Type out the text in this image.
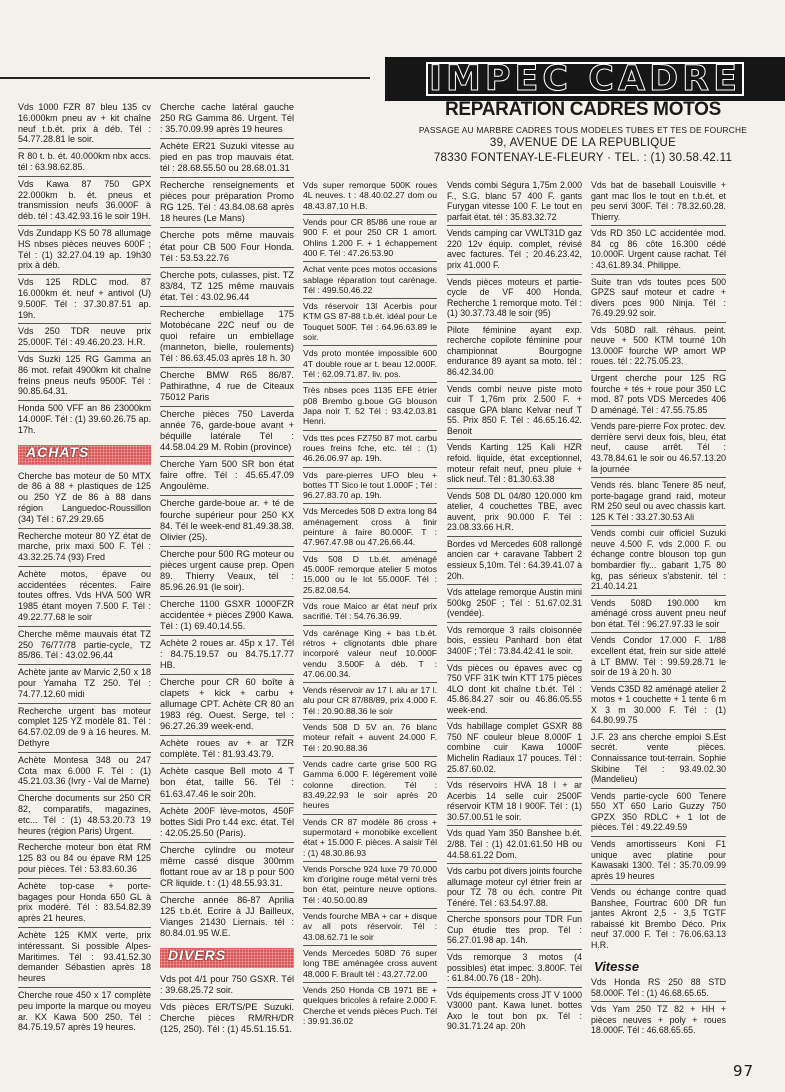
IMPEC CADRE
REPARATION CADRES MOTOS
PASSAGE AU MARBRE CADRES TOUS MODELES TUBES ET TES DE FOURCHE
39, AVENUE DE LA REPUBLIQUE
78330 FONTENAY-LE-FLEURY · TEL. : (1) 30.58.42.11
Vds 1000 FZR 87 bleu 135 cv 16.000km pneu av + kit chaîne neuf t.b.ét. prix à déb. Tél : 54.77.28.81 le soir.
R 80 t. b. ét. 40.000km nbx accs. tél : 63.98.62.85.
Vds Kawa 87 750 GPX 22.000km b. ét. pneus et transmission neufs 36.000F à déb. tél : 43.42.93.16 le soir 19H.
Vds Zundapp KS 50 78 allumage HS nbses pièces neuves 600F ; Tél : (1) 32.27.04.19 ap. 19h30 prix à déb.
Vds 125 RDLC mod. 87 16.000km ét. neuf + antivol (U) 9.500F. Tél : 37.30.87.51 ap. 19h.
Vds 250 TDR neuve prix 25.000F. Tél : 49.46.20.23. H.R.
Vds Suzki 125 RG Gamma an 86 mot. refait 4900km kit chaîne freins pneus neufs 9500F. Tél : 90.85.64.31.
Honda 500 VFF an 86 23000km 14.000F. Tél : (1) 39.60.26.75 ap. 17h.
ACHATS
Cherche bas moteur de 50 MTX de 86 à 88 + plastiques de 125 ou 250 YZ de 86 à 88 dans région Languedoc-Roussillon (34) Tél : 67.29.29.65
Recherche moteur 80 YZ état de marche, prix maxi 500 F. Tél : 43.32.25.74 (93) Fred
Achète motos, épave ou accidentées récentes. Faire toutes offres. Vds HVA 500 WR 1985 étant moyen 7.500 F. Tél : 49.22.77.68 le soir
Cherche même mauvais état TZ 250 76/77/78 partie-cycle, TZ 85/86. Tél : 43.02.96.44
Achète jante av Marvic 2,50 x 18 pour Yamaha TZ 250. Tél : 74.77.12.60 midi
Recherche urgent bas moteur complet 125 YZ modèle 81. Tél : 64.57.02.09 de 9 à 16 heures. M. Dethyre
Achète Montesa 348 ou 247 Cota max 6.000 F. Tél : (1) 45.21.03.36 (Ivry - Val de Marne)
Cherche documents sur 250 CR 82, comparatifs, magazines, etc... Tél : (1) 48.53.20.73 19 heures (région Paris) Urgent.
Recherche moteur bon état RM 125 83 ou 84 ou épave RM 125 pour pièces. Tél : 53.83.60.36
Achète top-case + porte-bagages pour Honda 650 GL à prix modéré. Tél : 83.54.82.39 après 21 heures.
Achète 125 KMX verte, prix intéressant. Si possible Alpes-Maritimes. Tél : 93.41.52.30 demander Sébastien après 18 heures
Cherche roue 450 x 17 complète peu importe la marque ou moyeu ar. KX Kawa 500 250. Tél : 84.75.19.57 après 19 heures.
Cherche cache latéral gauche 250 RG Gamma 86. Urgent. Tél : 35.70.09.99 après 19 heures
Achète ER21 Suzuki vitesse au pied en pas trop mauvais état. tél : 28.68.55.50 ou 28.68.01.31
Recherche renseignements et pièces pour préparation Promo RG 125. Tél : 43.84.08.68 après 18 heures (Le Mans)
Cherche pots même mauvais état pour CB 500 Four Honda. Tél : 53.53.22.76
Cherche pots, culasses, pist. TZ 83/84, TZ 125 même mauvais état. Tél : 43.02.96.44
Recherche embiellage 175 Motobécane 22C neuf ou de quoi refaire un embiellage (manneton, bielle, roulements) Tél : 86.63.45.03 après 18 h. 30
Cherche BMW R65 86/87. Pathirathne, 4 rue de Citeaux 75012 Paris
Cherche pièces 750 Laverda année 76, garde-boue avant + béquille latérale Tél : 44.58.04.29 M. Robin (province)
Cherche Yam 500 SR bon état faire offre. Tél : 45.65.47.09 Angoulème.
Cherche garde-boue ar. + té de fourche supérieur pour 250 KX 84. Tél le week-end 81.49.38.38. Olivier (25).
Cherche pour 500 RG moteur ou pièces urgent cause prep. Open 89. Thierry Veaux, tél : 85.96.26.91 (le soir).
Cherche 1100 GSXR 1000FZR accidentée + pièces Z900 Kawa. Tél : (1) 69.40.14.55.
Achète 2 roues ar. 45p x 17. Tél : 84.75.19.57 ou 84.75.17.77 HB.
Cherche pour CR 60 boîte à clapets + kick + carbu + allumage CPT. Achète CR 80 an 1983 rég. Ouest. Serge, tel : 96.27.26.39 week-end.
Achète roues av + ar TZR complète. Tél : 81.93.43.79.
Achète casque Bell moto 4 T bon état, taille 56. Tél : 61.63.47.46 le soir 20h.
Achète 200F lève-motos, 450F bottes Sidi Pro t.44 exc. état. Tél : 42.05.25.50 (Paris).
Cherche cylindre ou moteur même cassé disque 300mm flottant roue av ar 18 p pour 500 CR liquide. t : (1) 48.55.93.31.
Cherche année 86-87 Aprilia 125 t.b.ét. Ecrire à JJ Bailleux, Vianges 21430 Liernais. tél : 80.84.01.95 W.E.
DIVERS
Vds pot 4/1 pour 750 GSXR. Tél : 39.68.25.72 soir.
Vds pièces ER/TS/PE Suzuki. Cherche pièces RM/RH/DR (125, 250). Tél : (1) 45.51.15.51.
Vds super remorque 500K roues 4L neuves. t : 48.40.02.27 dom ou 48.43.87.10 H.B.
Vends pour CR 85/86 une roue ar 900 F. et pour 250 CR 1 amort. Ohlins 1.200 F. + 1 échappement 400 F. Tél : 47.26.53.90
Achat vente pces motos occasions sablage réparation tout carénage. Tél : 499.50.46.22
Vds réservoir 13l Acerbis pour KTM GS 87-88 t.b.ét. idéal pour Le Touquet 500F. Tél : 64.96.63.89 le soir.
Vds proto montée impossible 600 4T double roue ar t. beau 12.000F. Tél : 62.09.71.87. liv. pos.
Très nbses pces 1135 EFE étrier p08 Brembo g.boue GG blouson Japa noir T. 52 Tél : 93.42.03.81 Henri.
Vds ttes pces FZ750 87 mot. carbu roues freins fche, etc. tél : (1) 46.26.06.97 ap. 19h.
Vds pare-pierres UFO bleu + bottes TT Sico le tout 1.000F ; Tél : 96.27.83.70 ap. 19h.
Vds Mercedes 508 D extra long 84 aménagement cross à finir peinture à faire 80.000F. T : 47.967.47.98 ou 47.26.66.44.
Vds 508 D t.b.ét. aménagé 45.000F remorque atelier 5 motos 15.000 ou le lot 55.000F. Tél : 25.82.08.54.
Vds roue Maico ar état neuf prix sacrifié. Tél : 54.76.36.99.
Vds carénage King + bas t.b.ét. rétros + clignotants dble phare incorporé valeur neuf 10.000F vendu 3.500F à déb. T : 47.06.00.34.
Vends réservoir av 17 l. alu ar 17 l. alu pour CR 87/88/89, prix 4.000 F. Tél : 20.90.88.36 le soir
Vends 508 D 5V an. 76 blanc moteur refait + auvent 24.000 F. Tél : 20.90.88.36
Vends cadre carte grise 500 RG Gamma 6.000 F. légèrement voilé colonne direction. Tél : 83.49.22.93 le soir après 20 heures
Vends CR 87 modèle 86 cross + supermotard + monobike excellent état + 15.000 F. pièces. A saisir Tél : (1) 48.30.86.93
Vends Porsche 924 luxe 79 70.000 km d'origine rouge métal verni très bon état, peinture neuve options. Tél : 40.50.00.89
Vends fourche MBA + car + disque av all pots réservoir. Tél : 43.08.62.71 le soir
Vends Mercedes 508D 76 super long TBE aménagée cross auvent 48.000 F. Brault tél : 43.27.72.00
Vends 250 Honda CB 1971 BE + quelques bricoles à refaire 2.000 F. Cherche et vends pièces Puch. Tél : 39.91.36.02
Vends combi Ségura 1,75m 2.000 F., S.G. blanc 57 400 F. gants Furygan vitesse 100 F. Le tout en parfait état. tél : 35.83.32.72
Vends camping car VWLT31D gaz 220 12v équip. complet, révisé avec factures. Tél ; 20.46.23.42, prix 41.000 F.
Vends pièces moteurs et partie-cycle de VF 400 Honda. Recherche 1 remorque moto. Tél : (1) 30.37.73.48 le soir (95)
Pilote féminine ayant exp. recherche copilote féminine pour championnat Bourgogne endurance 89 ayant sa moto. tél : 86.42.34.00
Vends combi neuve piste moto cuir T 1,76m prix 2.500 F. + casque GPA blanc Kelvar neuf T 55. Prix 850 F. Tél : 46.65.16.42. Benoit
Vends Karting 125 Kali HZR refoid. liquide, état exceptionnel, moteur refait neuf, pneu pluie + slick neuf. Tél : 81.30.63.38
Vends 508 DL 04/80 120.000 km atelier, 4 couchettes TBE, avec auvent, prix 90.000 F. Tél : 23.08.33.66 H.R.
Bordes vd Mercedes 608 rallongé ancien car + caravane Tabbert 2 essieux 5,10m. Tél : 64.39.41.07 à 20h.
Vds attelage remorque Austin mini 500kg 250F ; Tél : 51.67.02.31 (vendée).
Vds remorque 3 rails cloisonnée bois, essieu Panhard bon état 3400F ; Tél : 73.84.42.41 le soir.
Vds pièces ou épaves avec cg 750 VFF 31K twin KTT 175 pièces 4LO dont kit chaîne t.b.ét. Tél : 45.86.84.27 soir ou 46.86.05.55 week-end.
Vds habillage complet GSXR 88 750 NF couleur bleue 8.000F 1 combine cuir Kawa 1000F Michelin Radiaux 17 pouces. Tél : 25.87.60.02.
Vds réservoirs HVA 18 l + ar Acerbis 14 selle cuir 2500F réservoir KTM 18 l 900F. Tél : (1) 30.57.00.51 le soir.
Vds quad Yam 350 Banshee b.ét. 2/88. Tél : (1) 42.01.61.50 HB ou 44.58.61.22 Dom.
Vds carbu pot divers joints fourche allumage moteur cyl étrier frein ar pour TZ 78 ou éch. contre Pit Ténéré. Tél : 63.54.97.88.
Cherche sponsors pour TDR Fun Cup étudie ttes prop. Tél : 56.27.01.98 ap. 14h.
Vds remorque 3 motos (4 possibles) état impec. 3.800F. Tél : 61.84.00.76 (18 - 20h).
Vds équipements cross JT V 1000 V3000 pant. Kawa lunet. bottes Axo le tout bon px. Tél : 90.31.71.24 ap. 20h
Vds bat de baseball Louisville + gant mac llos le tout en t.b.ét. et peu servi 300F. Tél : 78.32.60.28. Thierry.
Vds RD 350 LC accidentée mod. 84 cg 86 côte 16.300 cédé 10.000F. Urgent cause rachat. Tél : 43.61.89.34. Philippe.
Suite tran vds toutes pces 500 GPZS sauf moteur et cadre + divers pces 900 Ninja. Tél : 76.49.29.92 soir.
Vds 508D rall. réhaus. peint. neuve + 500 KTM tourné 10h 13.000F fourche WP amort WP roues. tél : 22.75.05.23.
Urgent cherche pour 125 RG fourche + tés + roue pour 350 LC mod. 87 pots VDS Mercedes 406 D aménagé. Tél : 47.55.75.85
Vends pare-pierre Fox protec. dev. derrière servi deux fois, bleu, état neuf, cause arrêt. Tél : 43.78.84.61 le soir ou 46.57.13.20 la journée
Vends rés. blanc Tenere 85 neuf, porte-bagage grand raid, moteur RM 250 seul ou avec chassis kart. 125 K Tél : 33.27.30.53 Ali
Vends combi cuir officiel Suzuki neuve 4.500 F. vds 2.000 F. ou échange contre blouson top gun bombardier fly... gabarit 1,75 80 kg, pas sérieux s'abstenir. tél : 21.40.14.21
Vends 508D 190.000 km aménagé cross auvent pneu neuf bon état. Tél : 96.27.97.33 le soir
Vends Condor 17.000 F. 1/88 excellent état, frein sur side attelé à LT BMW. Tél : 99.59.28.71 le soir de 19 à 20 h. 30
Vends C35D 82 aménagé atelier 2 motos + 1 couchette + 1 tente 6 m X 3 m 30.000 F. Tél : (1) 64.80.99.75
J.F. 23 ans cherche emploi S.Est secrét. vente pièces. Connaissance tout-terrain. Sophie Skibine Tél : 93.49.02.30 (Mandelieu)
Vends partie-cycle 600 Tenere 550 XT 650 Lario Guzzy 750 GPZX 350 RDLC + 1 lot de pièces. Tél : 49.22.49.59
Vends amortisseurs Koni F1 unique avec platine pour Kawasaki 1300. Tél : 35.70.09.99 après 19 heures
Vends ou échange contre quad Banshee, Fourtrac 600 DR fun jantes Akront 2,5 - 3,5 TGTF rabaissé kit Brembo Déco. Prix neuf 37.000 F. Tél : 76.06.63.13 H.R.
Vitesse
Vds Honda RS 250 88 STD 58.000F. Tél : (1) 46.68.65.65.
Vds Yam 250 TZ 82 + HH + pièces neuves + poly + roues 18.000F. Tél : 46.68.65.65.
97
